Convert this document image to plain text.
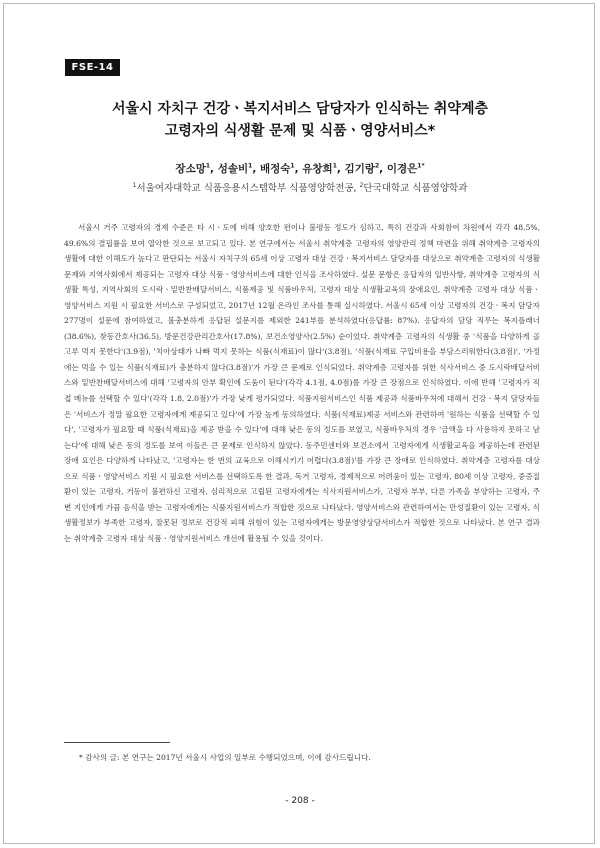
FSE-14
서울시 자치구 건강ㆍ복지서비스 담당자가 인식하는 취약계층
고령자의 식생활 문제 및 식품ㆍ영양서비스*
장소망$^1$, 성솔비$^1$, 배정숙$^1$, 유창희$^1$, 김기랑$^2$, 이경은$^{1*}$
$^1$서울여자대학교 식품응용시스템학부 식품영양학전공, $^2$단국대학교 식품영양학과

서울시 거주 고령자의 경제 수준은 타 시ㆍ도에 비해 양호한 편이나 불평등 정도가 심하고, 특히 건강과 사회참여 차원에서 각각 48.5%, 49.6%의 결핍률을 보여 열악한 것으로 보고되고 있다. 본 연구에서는 서울시 취약계층 고령자의 영양관리 정책 마련을 위해 취약계층 고령자의 생활에 대한 이해도가 높다고 판단되는 서울시 자치구의 65세 이상 고령자 대상 건강ㆍ복지서비스 담당자를 대상으로 취약계층 고령자의 식생활 문제와 지역사회에서 제공되는 고령자 대상 식품ㆍ영양서비스에 대한 인식을 조사하였다. 설문 문항은 응답자의 일반사항, 취약계층 고령자의 식생활 특성, 지역사회의 도시락ㆍ밑반찬배달서비스, 식품제공 및 식품바우처, 고령자 대상 식생활교육의 장애요인, 취약계층 고령자 대상 식품ㆍ영양서비스 지원 시 필요한 서비스로 구성되었고, 2017년 12월 온라인 조사를 통해 실시하였다. 서울시 65세 이상 고령자의 건강ㆍ복지 담당자 277명이 설문에 참여하였고, 불충분하게 응답된 설문지를 제외한 241부를 분석하였다(응답률: 87%). 응답자의 담당 직무는 복지플래너(38.6%), 찾동간호사(36.5), 방문건강관리간호사(17.8%), 보건소영양사(2.5%) 순이었다. 취약계층 고령자의 식생활 중 '식품을 다양하게 골고루 먹지 못한다'(3.9점), '치아상태가 나빠 먹지 못하는 식품(식재료)이 많다'(3.8점), '식품(식재료 구입비용을 부담스러워한다(3.8점)', '가정에는 먹을 수 있는 식품(식재료)가 충분하지 않다(3.8점)'가 가장 큰 문제로 인식되었다. 취약계층 고령자를 위한 식사서비스 중 도시락배달서비스와 밑반찬배달서비스에 대해 '고령자의 안부 확인에 도움이 된다'(각각 4.1점, 4.0점)를 가장 큰 장점으로 인식하였다. 이에 반해 '고령자가 직접 메뉴를 선택할 수 있다'(각각 1.8, 2.0점)'가 가장 낮게 평가되었다. 식품지원서비스인 식품 제공과 식품바우처에 대해서 건강ㆍ복지 담당자들은 '서비스가 정말 필요한 고령자에게 제공되고 있다'에 가장 높게 동의하였다. 식품(식재료)제공 서비스와 관련하여 '원하는 식품을 선택할 수 있다', '고령자가 필요할 때 식품(식재료)을 제공 받을 수 있다'에 대해 낮은 동의 정도를 보였고, 식품바우처의 경우 '금액을 다 사용하지 못하고 남는다'에 대해 낮은 동의 정도를 보여 이들은 큰 문제로 인식하지 않았다. 동주민센터와 보건소에서 고령자에게 식생활교육을 제공하는데 관련된 장애 요인은 다양하게 나타났고, '고령자는 한 번의 교육으로 이해시키기 어렵다(3.8점)'를 가장 큰 장애로 인식하였다. 취약계층 고령자를 대상으로 식품ㆍ영양서비스 지원 시 필요한 서비스를 선택하도록 한 결과, 독거 고령자, 경제적으로 어려움이 있는 고령자, 80세 이상 고령자, 중증질환이 있는 고령자, 거동이 불편하신 고령자, 심리적으로 고립된 고령자에게는 식사지원서비스가, 고령자 부부, 다른 가족을 부양하는 고령자, 주변 지인에게 가끔 음식을 받는 고령자에게는 식품지원서비스가 적합한 것으로 나타났다. 영양서비스와 관련하여서는 만성질환이 있는 고령자, 식생활정보가 부족한 고령자, 잘못된 정보로 건강적 피해 위험이 있는 고령자에게는 방문영양상담서비스가 적합한 것으로 나타났다. 본 연구 결과는 취약계층 고령자 대상 식품ㆍ영양지원서비스 개선에 활용될 수 있을 것이다.

* 감사의 글: 본 연구는 2017년 서울시 사업의 일부로 수행되었으며, 이에 감사드립니다.
- 208 -
